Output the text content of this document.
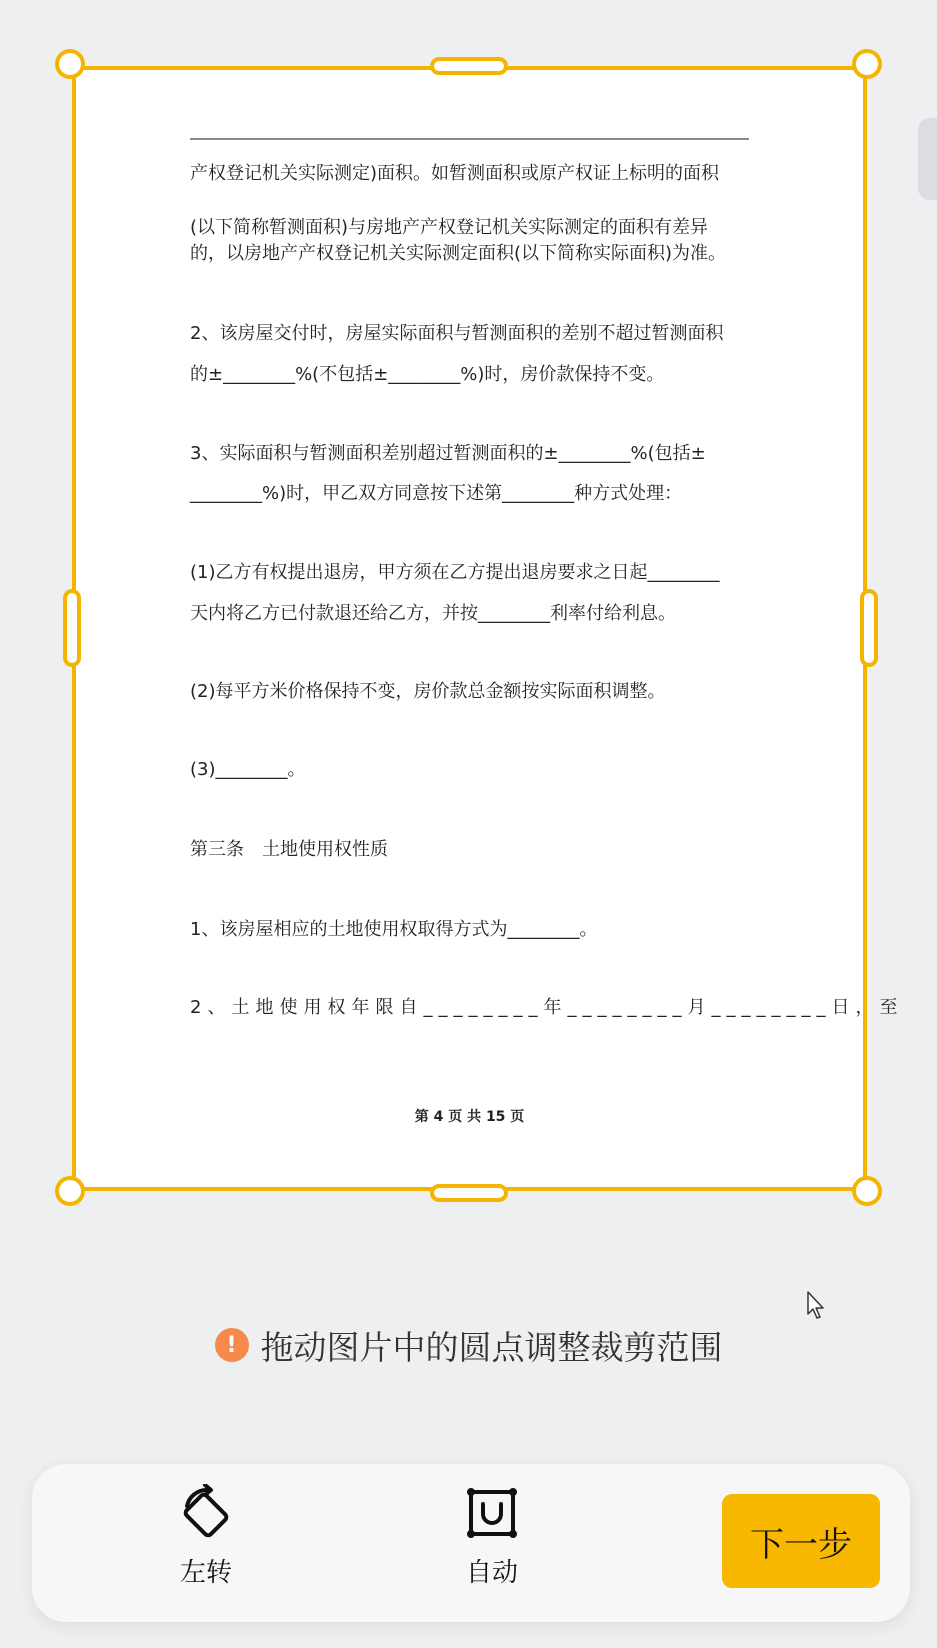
产权登记机关实际测定)面积。如暂测面积或原产权证上标明的面积
(以下简称暂测面积)与房地产产权登记机关实际测定的面积有差异
的，以房地产产权登记机关实际测定面积(以下简称实际面积)为准。
2、该房屋交付时，房屋实际面积与暂测面积的差别不超过暂测面积
的±________%(不包括±________%)时，房价款保持不变。
3、实际面积与暂测面积差别超过暂测面积的±________%(包括±
________%)时，甲乙双方同意按下述第________种方式处理：
(1)乙方有权提出退房，甲方须在乙方提出退房要求之日起________
天内将乙方已付款退还给乙方，并按________利率付给利息。
(2)每平方米价格保持不变，房价款总金额按实际面积调整。
(3)________。
第三条　土地使用权性质
1、该房屋相应的土地使用权取得方式为________。
2、土地使用权年限自________年________月________日，至
第 4 页 共 15 页
! 拖动图片中的圆点调整裁剪范围
左转	自动
下一步
